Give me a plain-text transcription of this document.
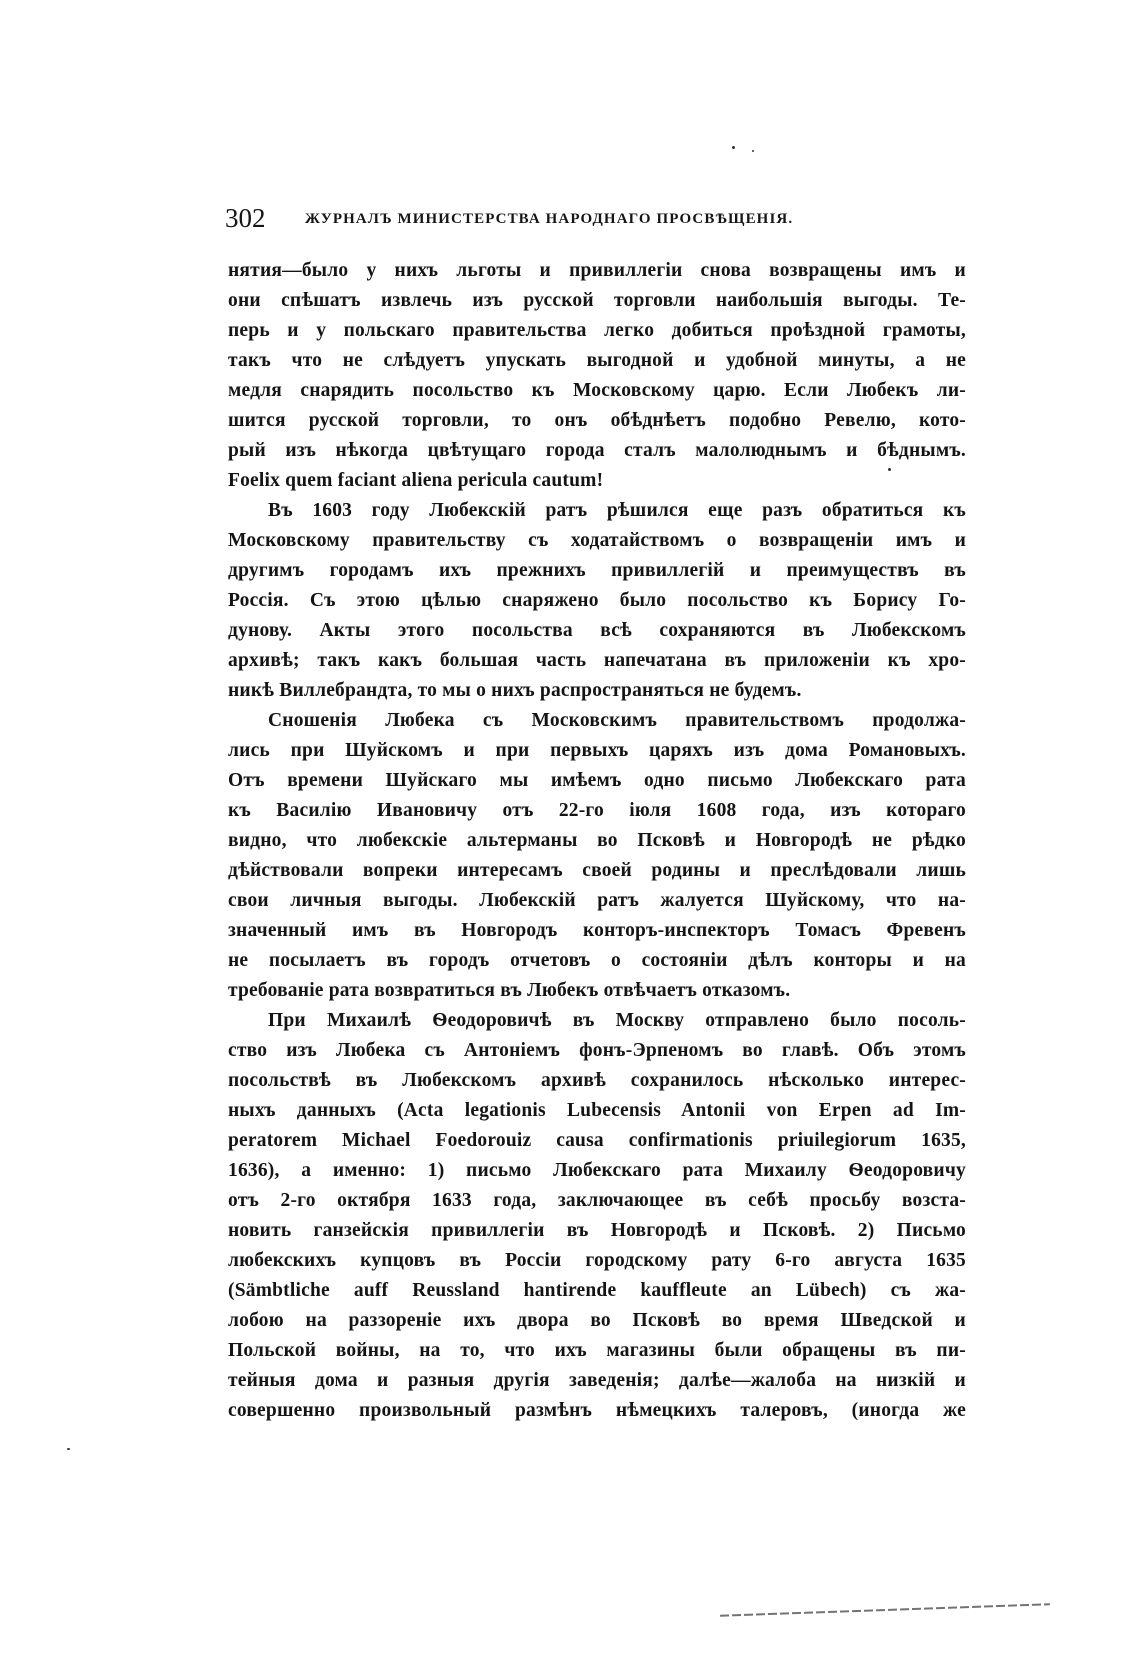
302	ЖУРНАЛЪ МИНИСТЕРСТВА НАРОДНАГО ПРОСВѢЩЕНІЯ.
нятия—было у нихъ льготы и привиллегіи снова возвращены имъ и
они спѣшатъ извлечь изъ русской торговли наибольшія выгоды. Те-
перь и у польскаго правительства легко добиться проѣздной грамоты,
такъ что не слѣдуетъ упускать выгодной и удобной минуты, а не
медля снарядить посольство къ Московскому царю. Если Любекъ ли-
шится русской торговли, то онъ обѣднѣетъ подобно Ревелю, кото-
рый изъ нѣкогда цвѣтущаго города сталъ малолюднымъ и бѣднымъ.
Foelix quem faciant aliena pericula cautum!
Въ 1603 году Любекскій ратъ рѣшился еще разъ обратиться къ
Московскому правительству съ ходатайствомъ о возвращеніи имъ и
другимъ городамъ ихъ прежнихъ привиллегій и преимуществъ въ
Россія. Съ этою цѣлью снаряжено было посольство къ Борису Го-
дунову. Акты этого посольства всѣ сохраняются въ Любекскомъ
архивѣ; такъ какъ большая часть напечатана въ приложеніи къ хро-
никѣ Виллебрандта, то мы о нихъ распространяться не будемъ.
Сношенія Любека съ Московскимъ правительствомъ продолжа-
лись при Шуйскомъ и при первыхъ царяхъ изъ дома Романовыхъ.
Отъ времени Шуйскаго мы имѣемъ одно письмо Любекскаго рата
къ Василію Ивановичу отъ 22-го іюля 1608 года, изъ котораго
видно, что любекскіе альтерманы во Псковѣ и Новгородѣ не рѣдко
дѣйствовали вопреки интересамъ своей родины и преслѣдовали лишь
свои личныя выгоды. Любекскій ратъ жалуется Шуйскому, что на-
значенный имъ въ Новгородъ конторъ-инспекторъ Томасъ Фревенъ
не посылаетъ въ городъ отчетовъ о состояніи дѣлъ конторы и на
требованіе рата возвратиться въ Любекъ отвѣчаетъ отказомъ.
При Михаилѣ Ѳеодоровичѣ въ Москву отправлено было посоль-
ство изъ Любека съ Антоніемъ фонъ-Эрпеномъ во главѣ. Объ этомъ
посольствѣ въ Любекскомъ архивѣ сохранилось нѣсколько интерес-
ныхъ данныхъ (Acta legationis Lubecensis Antonii von Erpen ad Im-
peratorem Michael Foedorouiz causa confirmationis priuilegiorum 1635,
1636), а именно: 1) письмо Любекскаго рата Михаилу Ѳеодоровичу
отъ 2-го октября 1633 года, заключающее въ себѣ просьбу возста-
новить ганзейскія привиллегіи въ Новгородѣ и Псковѣ. 2) Письмо
любекскихъ купцовъ въ Россіи городскому рату 6-го августа 1635
(Sämbtliche auff Reussland hantirende kauffleute an Lübech) съ жа-
лобою на раззореніе ихъ двора во Псковѣ во время Шведской и
Польской войны, на то, что ихъ магазины были обращены въ пи-
тейныя дома и разныя другія заведенія; далѣе—жалоба на низкій и
совершенно произвольный размѣнъ нѣмецкихъ талеровъ, (иногда же
